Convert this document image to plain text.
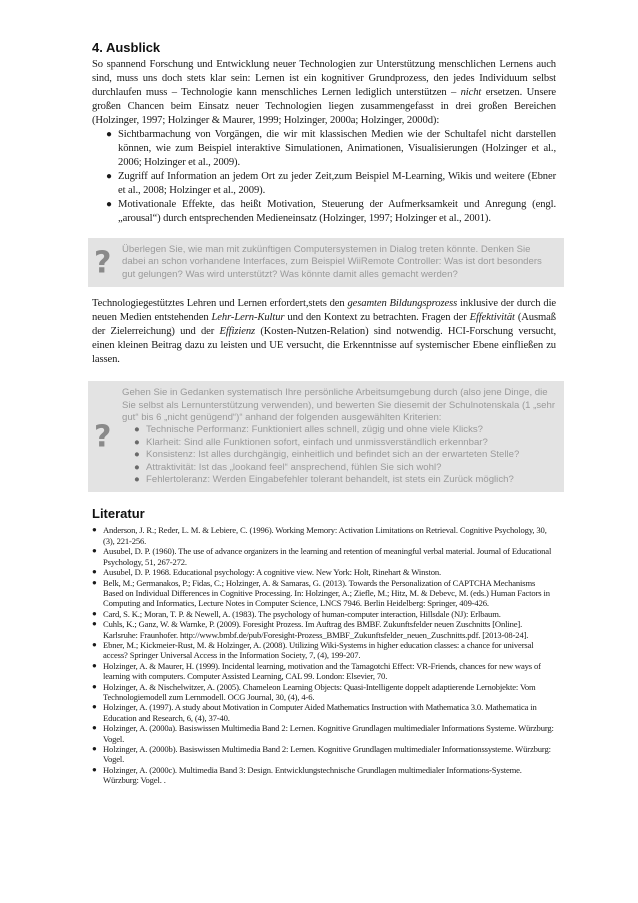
4. Ausblick

So spannend Forschung und Entwicklung neuer Technologien zur Unterstützung menschlichen Lernens auch sind, muss uns doch stets klar sein: Lernen ist ein kognitiver Grundprozess, den jedes Individuum selbst durchlaufen muss – Technologie kann menschliches Lernen lediglich unterstützen – nicht ersetzen. Unsere großen Chancen beim Einsatz neuer Technologien liegen zusammengefasst in drei großen Bereichen (Holzinger, 1997; Holzinger & Maurer, 1999; Holzinger, 2000a; Holzinger, 2000d):

● Sichtbarmachung von Vorgängen, die wir mit klassischen Medien wie der Schultafel nicht darstellen können, wie zum Beispiel interaktive Simulationen, Animationen, Visualisierungen (Holzinger et al., 2006; Holzinger et al., 2009).
● Zugriff auf Information an jedem Ort zu jeder Zeit,zum Beispiel M-Learning, Wikis und weitere (Ebner et al., 2008; Holzinger et al., 2009).
● Motivationale Effekte, das heißt Motivation, Steuerung der Aufmerksamkeit und Anregung (engl. „arousal“) durch entsprechenden Medieneinsatz (Holzinger, 1997; Holzinger et al., 2001).
? Überlegen Sie, wie man mit zukünftigen Computersystemen in Dialog treten könnte. Denken Sie dabei an schon vorhandene Interfaces, zum Beispiel WiiRemote Controller: Was ist dort besonders gut gelungen? Was wird unterstützt? Was könnte damit alles gemacht werden?

Technologiegestütztes Lehren und Lernen erfordert,stets den gesamten Bildungsprozess inklusive der durch die neuen Medien entstehenden Lehr-Lern-Kultur und den Kontext zu betrachten. Fragen der Effektivität (Ausmaß der Zielerreichung) und der Effizienz (Kosten-Nutzen-Relation) sind notwendig. HCI-Forschung versucht, einen kleinen Beitrag dazu zu leisten und UE versucht, die Erkenntnisse auf systemischer Ebene einfließen zu lassen.

?
Gehen Sie in Gedanken systematisch Ihre persönliche Arbeitsumgebung durch (also jene Dinge, die Sie selbst als Lernunterstützung verwenden), und bewerten Sie diesemit der Schulnotenskala (1 „sehr gut“ bis 6 „nicht genügend“)“ anhand der folgenden ausgewählten Kriterien:
● Technische Performanz: Funktioniert alles schnell, zügig und ohne viele Klicks?
● Klarheit: Sind alle Funktionen sofort, einfach und unmissverständlich erkennbar?
● Konsistenz: Ist alles durchgängig, einheitlich und befindet sich an der erwarteten Stelle?
● Attraktivität: Ist das „lookand feel“ ansprechend, fühlen Sie sich wohl?
● Fehlertoleranz: Werden Eingabefehler tolerant behandelt, ist stets ein Zurück möglich?
Literatur
● Anderson, J. R.; Reder, L. M. & Lebiere, C. (1996). Working Memory: Activation Limitations on Retrieval. Cognitive Psychology, 30, (3), 221-256.
● Ausubel, D. P. (1960). The use of advance organizers in the learning and retention of meaningful verbal material. Journal of Educational Psychology, 51, 267-272.
● Ausubel, D. P. 1968. Educational psychology: A cognitive view. New York: Holt, Rinehart & Winston.
● Belk, M.; Germanakos, P.; Fidas, C.; Holzinger, A. & Samaras, G. (2013). Towards the Personalization of CAPTCHA Mechanisms Based on Individual Differences in Cognitive Processing. In: Holzinger, A.; Ziefle, M.; Hitz, M. & Debevc, M. (eds.) Human Factors in Computing and Informatics, Lecture Notes in Computer Science, LNCS 7946. Berlin Heidelberg: Springer, 409-426.
● Card, S. K.; Moran, T. P. & Newell, A. (1983). The psychology of human-computer interaction, Hillsdale (NJ): Erlbaum.
● Cuhls, K.; Ganz, W. & Warnke, P. (2009). Foresight Prozess. Im Auftrag des BMBF. Zukunftsfelder neuen Zuschnitts [Online]. Karlsruhe: Fraunhofer. http://www.bmbf.de/pub/Foresight-Prozess_BMBF_Zukunftsfelder_neuen_Zuschnitts.pdf. [2013-08-24].
● Ebner, M.; Kickmeier-Rust, M. & Holzinger, A. (2008). Utilizing Wiki-Systems in higher education classes: a chance for universal access? Springer Universal Access in the Information Society, 7, (4), 199-207.
● Holzinger, A. & Maurer, H. (1999). Incidental learning, motivation and the Tamagotchi Effect: VR-Friends, chances for new ways of learning with computers. Computer Assisted Learning, CAL 99. London: Elsevier, 70.
● Holzinger, A. & Nischelwitzer, A. (2005). Chameleon Learning Objects: Quasi-Intelligente doppelt adaptierende Lernobjekte: Vom Technologiemodell zum Lernmodell. OCG Journal, 30, (4), 4-6.
● Holzinger, A. (1997). A study about Motivation in Computer Aided Mathematics Instruction with Mathematica 3.0. Mathematica in Education and Research, 6, (4), 37-40.
● Holzinger, A. (2000a). Basiswissen Multimedia Band 2: Lernen. Kognitive Grundlagen multimedialer Informations Systeme. Würzburg: Vogel.
● Holzinger, A. (2000b). Basiswissen Multimedia Band 2: Lernen. Kognitive Grundlagen multimedialer Informationssysteme. Würzburg: Vogel.
● Holzinger, A. (2000c). Multimedia Band 3: Design. Entwicklungstechnische Grundlagen multimedialer Informations-Systeme. Würzburg: Vogel. .
